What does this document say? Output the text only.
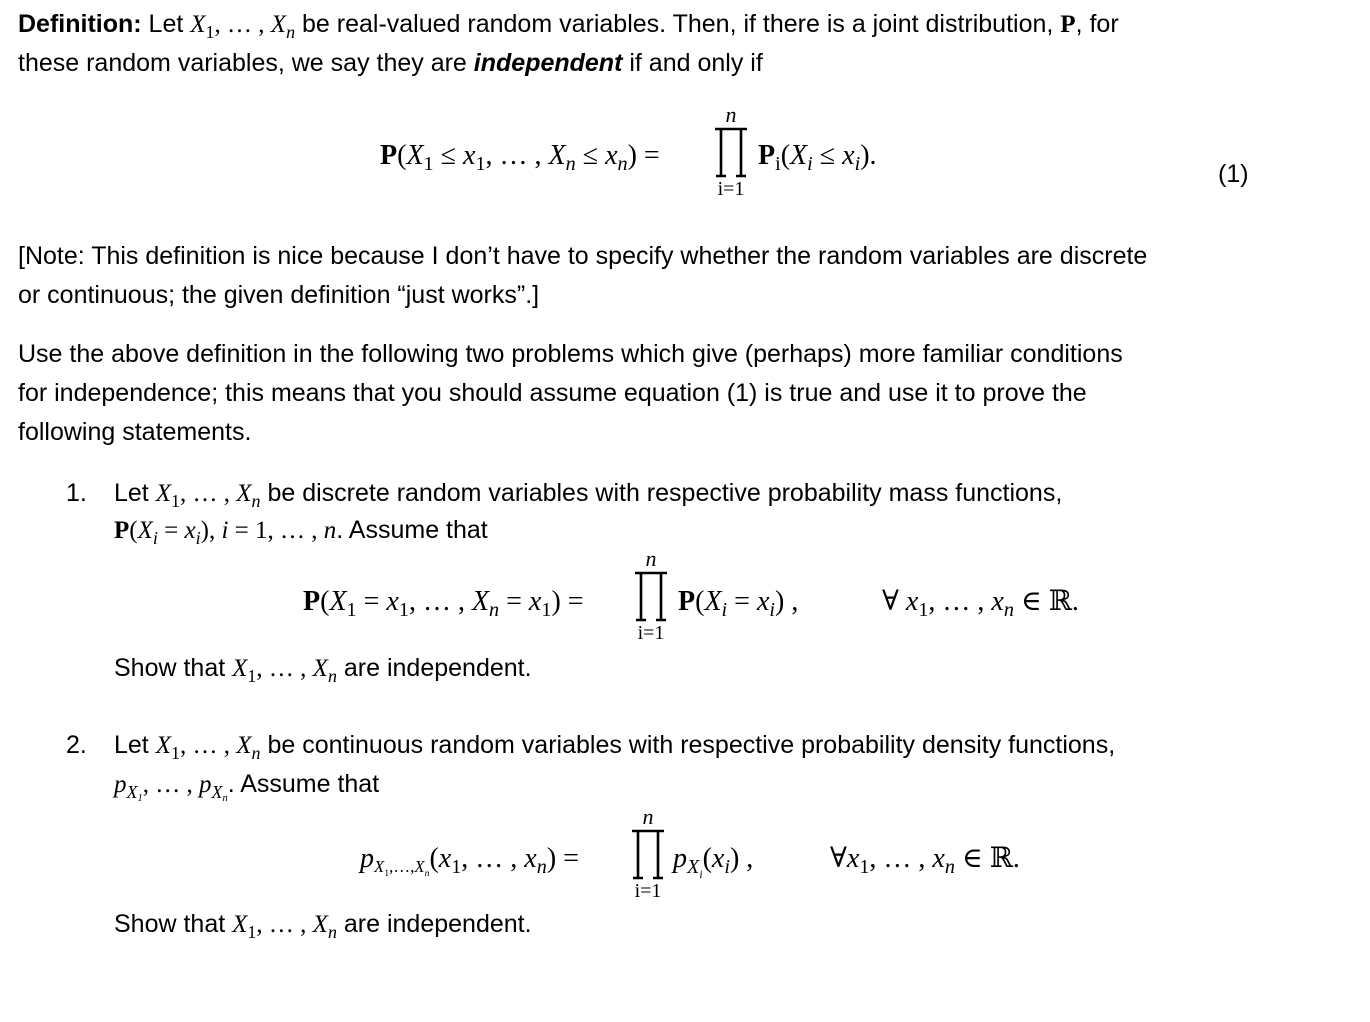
Definition: Let $X_1$, … , $X_n$ be real-valued random variables. Then, if there is a joint distribution, P, for
these random variables, we say they are independent if and only if
$P(X_1 \le x_1$, … , $X_n \le x_n$) =
n
i=1
$P_i(X_i \le x_i)$.
(1)
[Note: This definition is nice because I don’t have to specify whether the random variables are discrete
or continuous; the given definition “just works”.]
Use the above definition in the following two problems which give (perhaps) more familiar conditions
for independence; this means that you should assume equation (1) is true and use it to prove the
following statements.
1. Let $X_1$, … , $X_n$ be discrete random variables with respective probability mass functions,
$P(X_i = x_i)$, i = 1, … , n. Assume that
$P(X_1 = x_1$, … , $X_n = x_1$) =
n
i=1
$P(X_i = x_i)$ ,	∀ $x_1$, … , $x_n$ ∈ ℝ.
Show that $X_1$, … , $X_n$ are independent.
2. Let $X_1$, … , $X_n$ be continuous random variables with respective probability density functions,
$p_{X_1}$, … , $p_{X_n}$. Assume that
$pX_1,\dots,X_n(x_1$, … , $x_n$) =
n
i=1
$p_{X_i}(x_i)$ ,	$\forall x_1$, … , $x_n$ ∈ ℝ.
Show that $X_1$, … , $X_n$ are independent.
